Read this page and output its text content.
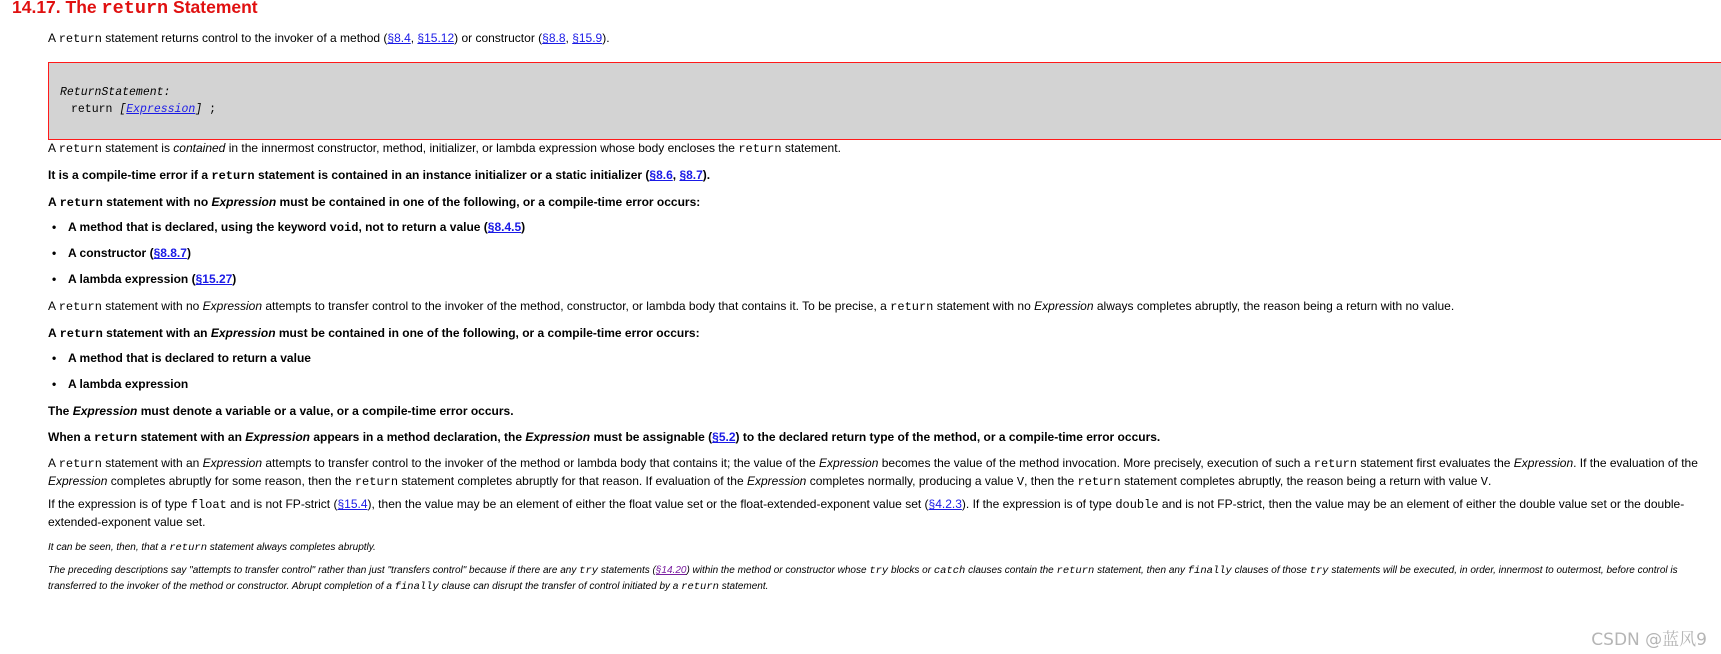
14.17. The return Statement

A return statement returns control to the invoker of a method (§8.4, §15.12) or constructor (§8.8, §15.9).

ReturnStatement:
return [Expression] ;

A return statement is contained in the innermost constructor, method, initializer, or lambda expression whose body encloses the return statement.

It is a compile-time error if a return statement is contained in an instance initializer or a static initializer (§8.6, §8.7).

A return statement with no Expression must be contained in one of the following, or a compile-time error occurs:

• A method that is declared, using the keyword void, not to return a value (§8.4.5)
• A constructor (§8.8.7)
• A lambda expression (§15.27)

A return statement with no Expression attempts to transfer control to the invoker of the method, constructor, or lambda body that contains it. To be precise, a return statement with no Expression always completes abruptly, the reason being a return with no value.

A return statement with an Expression must be contained in one of the following, or a compile-time error occurs:

• A method that is declared to return a value
• A lambda expression

The Expression must denote a variable or a value, or a compile-time error occurs.

When a return statement with an Expression appears in a method declaration, the Expression must be assignable (§5.2) to the declared return type of the method, or a compile-time error occurs.

A return statement with an Expression attempts to transfer control to the invoker of the method or lambda body that contains it; the value of the Expression becomes the value of the method invocation. More precisely, execution of such a return statement first evaluates the Expression. If the evaluation of the Expression completes abruptly for some reason, then the return statement completes abruptly for that reason. If evaluation of the Expression completes normally, producing a value V, then the return statement completes abruptly, the reason being a return with value V.

If the expression is of type float and is not FP-strict (§15.4), then the value may be an element of either the float value set or the float-extended-exponent value set (§4.2.3). If the expression is of type double and is not FP-strict, then the value may be an element of either the double value set or the double-extended-exponent value set.

It can be seen, then, that a return statement always completes abruptly.

The preceding descriptions say "attempts to transfer control" rather than just "transfers control" because if there are any try statements (§14.20) within the method or constructor whose try blocks or catch clauses contain the return statement, then any finally clauses of those try statements will be executed, in order, innermost to outermost, before control is transferred to the invoker of the method or constructor. Abrupt completion of a finally clause can disrupt the transfer of control initiated by a return statement.

CSDN @蓝风9
